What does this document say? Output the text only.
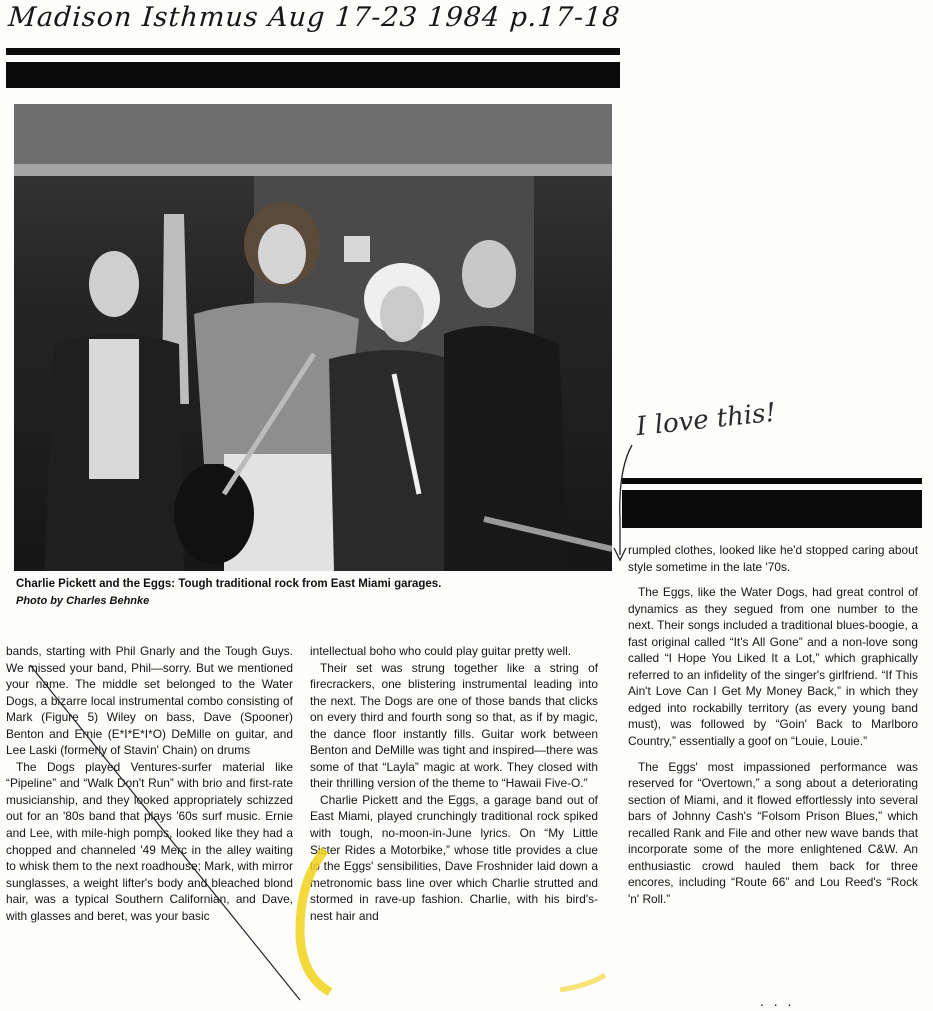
Madison Isthmus Aug 17-23 1984 p.17-18
Charlie Pickett and the Eggs: Tough traditional rock from East Miami garages.
Photo by Charles Behnke

bands, starting with Phil Gnarly and the Tough Guys. We missed your band, Phil—sorry. But we mentioned your name. The middle set belonged to the Water Dogs, a bizarre local instrumental combo consisting of Mark (Figure 5) Wiley on bass, Dave (Spooner) Benton and Ernie (E*I*E*I*O) DeMille on guitar, and Lee Laski (formerly of Stavin' Chain) on drums

The Dogs played Ventures-surfer material like “Pipeline” and “Walk Don't Run” with brio and first-rate musicianship, and they looked appropriately schizzed out for an '80s band that plays '60s surf music. Ernie and Lee, with mile-high pomps, looked like they had a chopped and channeled '49 Merc in the alley waiting to whisk them to the next roadhouse; Mark, with mirror sunglasses, a weight lifter's body and bleached blond hair, was a typical Southern Californian, and Dave, with glasses and beret, was your basic

intellectual boho who could play guitar pretty well.

Their set was strung together like a string of firecrackers, one blistering instrumental leading into the next. The Dogs are one of those bands that clicks on every third and fourth song so that, as if by magic, the dance floor instantly fills. Guitar work between Benton and DeMille was tight and inspired—there was some of that “Layla” magic at work. They closed with their thrilling version of the theme to “Hawaii Five-O.”

Charlie Pickett and the Eggs, a garage band out of East Miami, played crunchingly traditional rock spiked with tough, no-moon-in-June lyrics. On “My Little Sister Rides a Motorbike,” whose title provides a clue to the Eggs' sensibilities, Dave Froshnider laid down a metronomic bass line over which Charlie strutted and stormed in rave-up fashion. Charlie, with his bird's-nest hair and

I love this!

rumpled clothes, looked like he'd stopped caring about style sometime in the late '70s.

The Eggs, like the Water Dogs, had great control of dynamics as they segued from one number to the next. Their songs included a traditional blues-boogie, a fast original called “It's All Gone” and a non-love song called “I Hope You Liked It a Lot,” which graphically referred to an infidelity of the singer's girlfriend. “If This Ain't Love Can I Get My Money Back,” in which they edged into rockabilly territory (as every young band must), was followed by “Goin' Back to Marlboro Country,” essentially a goof on “Louie, Louie.”

The Eggs' most impassioned performance was reserved for “Overtown,” a song about a deteriorating section of Miami, and it flowed effortlessly into several bars of Johnny Cash's “Folsom Prison Blues,” which recalled Rank and File and other new wave bands that incorporate some of the more enlightened C&W. An enthusiastic crowd hauled them back for three encores, including “Route 66” and Lou Reed's “Rock 'n' Roll.”

. . .
